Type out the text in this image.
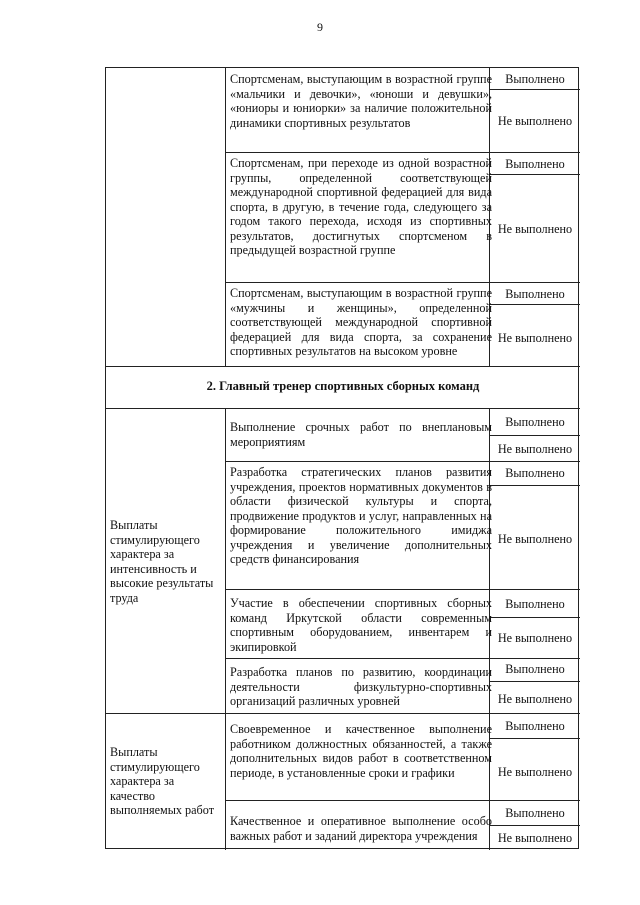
9

Спортсменам, выступающим в возрастной группе «мальчики и девочки», «юноши и девушки», «юниоры и юниорки» за наличие положительной динамики спортивных результатов

Спортсменам, при переходе из одной возрастной группы, определенной соответствующей международной спортивной федерацией для вида спорта, в другую, в течение года, следующего за годом такого перехода, исходя из спортивных результатов, достигнутых спортсменом в предыдущей возрастной группе

Спортсменам, выступающим в возрастной группе «мужчины и женщины», определенной соответствующей международной спортивной федерацией для вида спорта, за сохранение спортивных результатов на высоком уровне

Выполнение срочных работ по внеплановым мероприятиям

Разработка стратегических планов развития учреждения, проектов нормативных документов в области физической культуры и спорта, продвижение продуктов и услуг, направленных на формирование положительного имиджа учреждения и увеличение дополнительных средств финансирования

Участие в обеспечении спортивных сборных команд Иркутской области современным спортивным оборудованием, инвентарем и экипировкой

Разработка планов по развитию, координации деятельности физкультурно-спортивных организаций различных уровней

Своевременное и качественное выполнение работником должностных обязанностей, а также дополнительных видов работ в соответственном периоде, в установленные сроки и графики

Качественное и оперативное выполнение особо важных работ и заданий директора учреждения

2. Главный тренер спортивных сборных команд

Выплаты стимулирующего характера за интенсивность и высокие результаты труда

Выплаты стимулирующего характера за качество выполняемых работ

Выполнено

Не выполнено

Выполнено

Не выполнено

Выполнено

Не выполнено

Выполнено

Не выполнено

Выполнено

Не выполнено

Выполнено

Не выполнено

Выполнено

Не выполнено

Выполнено

Не выполнено

Выполнено

Не выполнено
